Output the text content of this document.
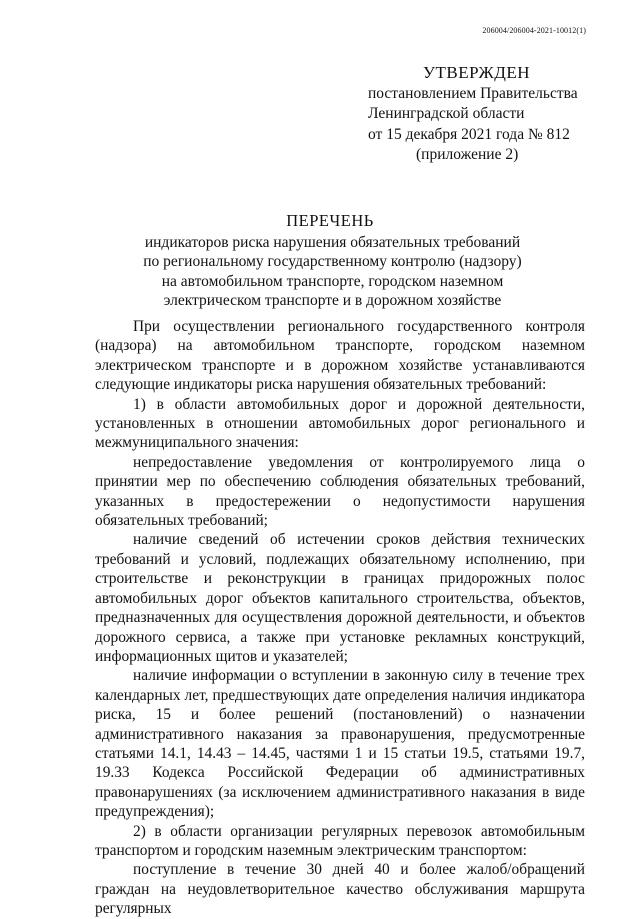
206004/206004-2021-10012(1)
УТВЕРЖДЕН
постановлением Правительства
Ленинградской области
от 15 декабря 2021 года № 812
(приложение 2)
ПЕРЕЧЕНЬ
индикаторов риска нарушения обязательных требований
по региональному государственному контролю (надзору)
на автомобильном транспорте, городском наземном
электрическом транспорте и в дорожном хозяйстве

При осуществлении регионального государственного контроля (надзора) на автомобильном транспорте, городском наземном электрическом транспорте и в дорожном хозяйстве устанавливаются следующие индикаторы риска нарушения обязательных требований:

1) в области автомобильных дорог и дорожной деятельности, установленных в отношении автомобильных дорог регионального и межмуниципального значения:

непредоставление уведомления от контролируемого лица о принятии мер по обеспечению соблюдения обязательных требований, указанных в предостережении о недопустимости нарушения обязательных требований;

наличие сведений об истечении сроков действия технических требований и условий, подлежащих обязательному исполнению, при строительстве и реконструкции в границах придорожных полос автомобильных дорог объектов капитального строительства, объектов, предназначенных для осуществления дорожной деятельности, и объектов дорожного сервиса, а также при установке рекламных конструкций, информационных щитов и указателей;

наличие информации о вступлении в законную силу в течение трех календарных лет, предшествующих дате определения наличия индикатора риска, 15 и более решений (постановлений) о назначении административного наказания за правонарушения, предусмотренные статьями 14.1, 14.43 – 14.45, частями 1 и 15 статьи 19.5, статьями 19.7, 19.33 Кодекса Российской Федерации об административных правонарушениях (за исключением административного наказания в виде предупреждения);

2) в области организации регулярных перевозок автомобильным транспортом и городским наземным электрическим транспортом:

поступление в течение 30 дней 40 и более жалоб/обращений граждан на неудовлетворительное качество обслуживания маршрута регулярных
